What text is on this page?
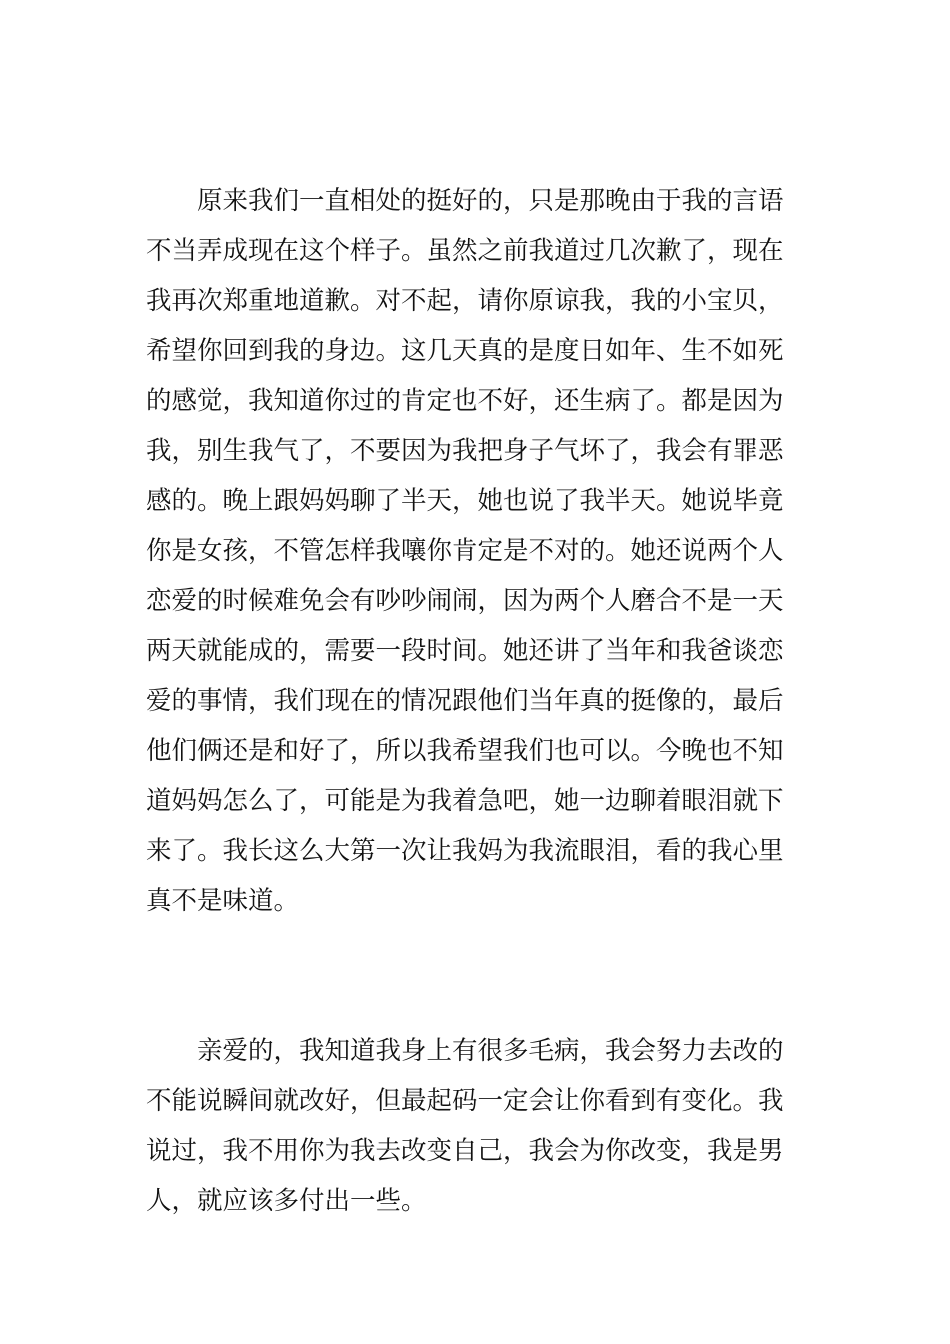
原来我们一直相处的挺好的，只是那晚由于我的言语
不当弄成现在这个样子。虽然之前我道过几次歉了，现在
我再次郑重地道歉。对不起，请你原谅我，我的小宝贝，
希望你回到我的身边。这几天真的是度日如年、生不如死
的感觉，我知道你过的肯定也不好，还生病了。都是因为
我，别生我气了，不要因为我把身子气坏了，我会有罪恶
感的。晚上跟妈妈聊了半天，她也说了我半天。她说毕竟
你是女孩，不管怎样我嚷你肯定是不对的。她还说两个人
恋爱的时候难免会有吵吵闹闹，因为两个人磨合不是一天
两天就能成的，需要一段时间。她还讲了当年和我爸谈恋
爱的事情，我们现在的情况跟他们当年真的挺像的，最后
他们俩还是和好了，所以我希望我们也可以。今晚也不知
道妈妈怎么了，可能是为我着急吧，她一边聊着眼泪就下
来了。我长这么大第一次让我妈为我流眼泪，看的我心里
真不是味道。
亲爱的，我知道我身上有很多毛病，我会努力去改的
不能说瞬间就改好，但最起码一定会让你看到有变化。我
说过，我不用你为我去改变自己，我会为你改变，我是男
人，就应该多付出一些。
